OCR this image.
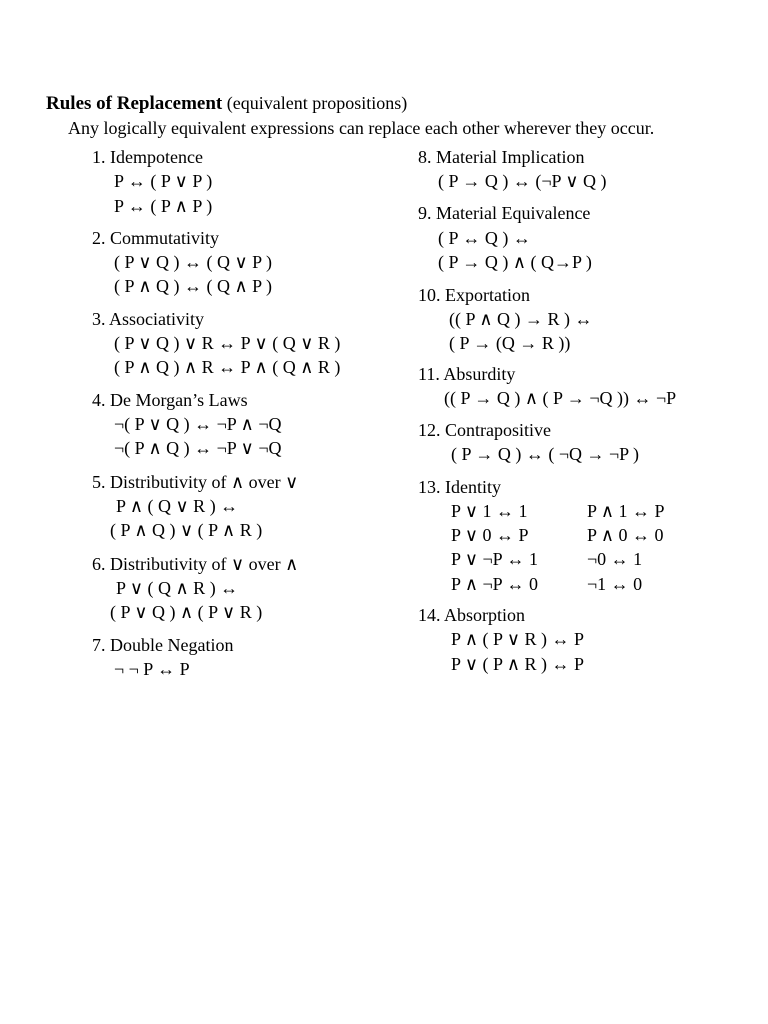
Rules of Replacement (equivalent propositions)
Any logically equivalent expressions can replace each other wherever they occur.
1. Idempotence
P ↔ ( P ∨ P )
P ↔ ( P ∧ P )
2. Commutativity
( P ∨ Q ) ↔ ( Q ∨ P )
( P ∧ Q ) ↔ ( Q ∧ P )
3. Associativity
( P ∨ Q ) ∨ R ↔ P ∨ ( Q ∨ R )
( P ∧ Q ) ∧ R ↔ P ∧ ( Q ∧ R )
4. De Morgan’s Laws
¬( P ∨ Q ) ↔ ¬P ∧ ¬Q
¬( P ∧ Q ) ↔ ¬P ∨ ¬Q
5. Distributivity of ∧ over ∨
P ∧ ( Q ∨ R ) ↔
( P ∧ Q ) ∨ ( P ∧ R )
6. Distributivity of ∨ over ∧
P ∨ ( Q ∧ R ) ↔
( P ∨ Q ) ∧ ( P ∨ R )
7. Double Negation
¬ ¬ P ↔ P
8. Material Implication
( P → Q ) ↔ (¬P ∨ Q )
9. Material Equivalence
( P ↔ Q ) ↔
( P → Q ) ∧ ( Q→P )
10. Exportation
(( P ∧ Q ) → R ) ↔
( P → (Q → R ))
11. Absurdity
(( P → Q ) ∧ ( P → ¬Q )) ↔ ¬P
12. Contrapositive
( P → Q ) ↔ ( ¬Q → ¬P )
13. Identity
P ∨ 1 ↔ 1
P ∨ 0 ↔ P
P ∨ ¬P ↔ 1
P ∧ ¬P ↔ 0
P ∧ 1 ↔ P
P ∧ 0 ↔ 0
¬0 ↔ 1
¬1 ↔ 0
14. Absorption
P ∧ ( P ∨ R ) ↔ P
P ∨ ( P ∧ R ) ↔ P
